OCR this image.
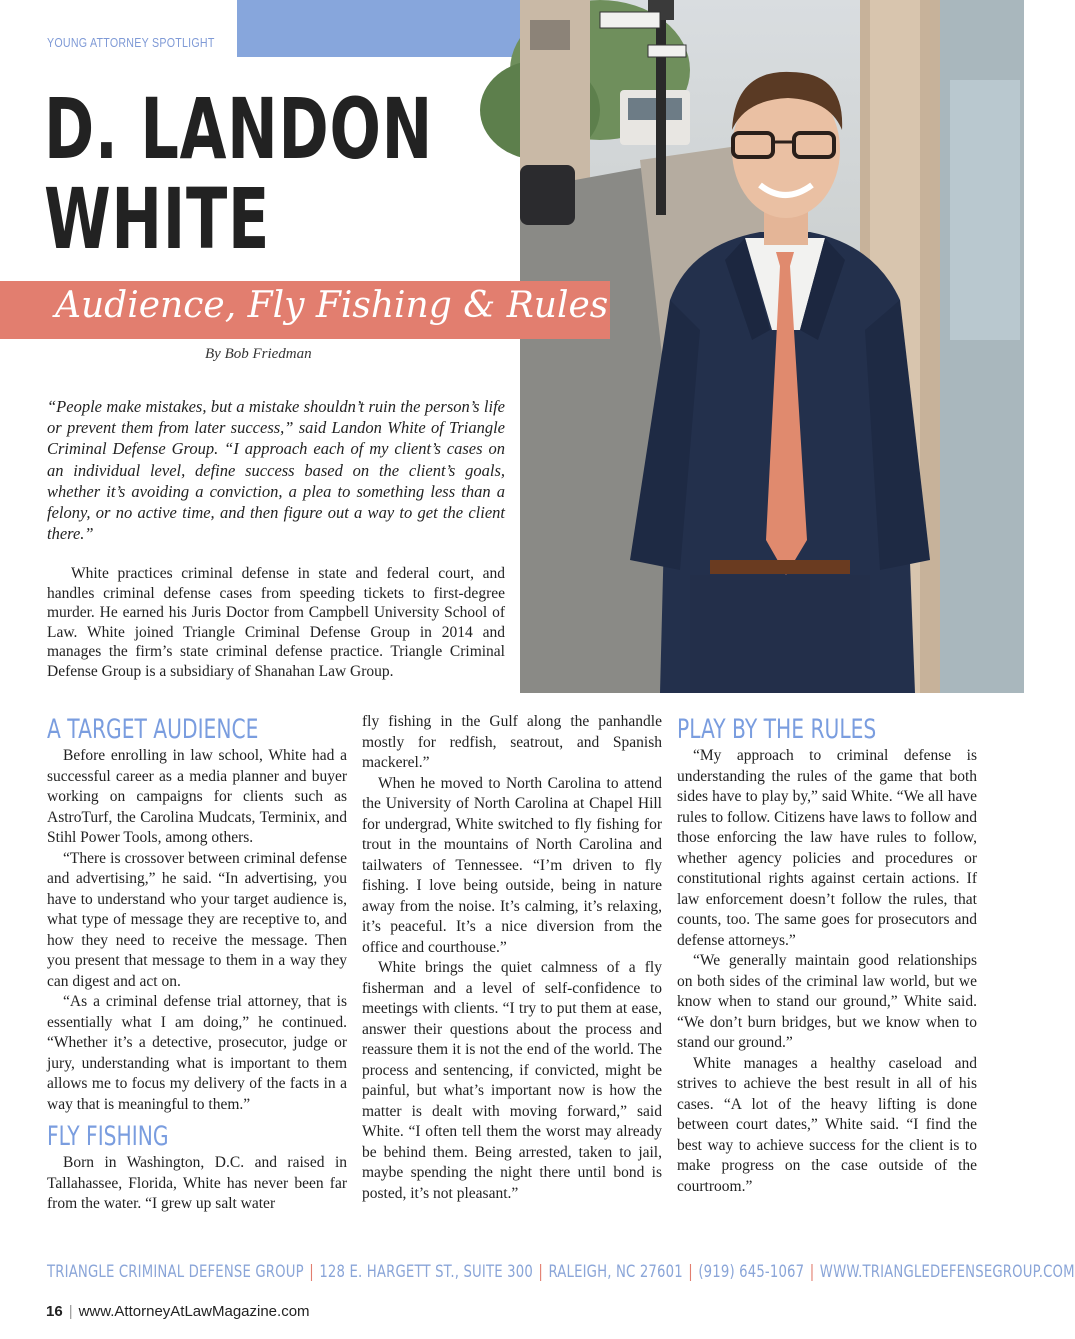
YOUNG ATTORNEY SPOTLIGHT
D. LANDON
WHITE
Audience, Fly Fishing & Rules
By Bob Friedman

“People make mistakes, but a mistake shouldn’t ruin the person’s life or prevent them from later success,” said Landon White of Triangle Criminal Defense Group. “I approach each of my client’s cases on an individual level, define success based on the client’s goals, whether it’s avoiding a conviction, a plea to something less than a felony, or no active time, and then figure out a way to get the client there.”

White practices criminal defense in state and federal court, and handles criminal defense cases from speeding tickets to first-degree murder. He earned his Juris Doctor from Campbell University School of Law. White joined Triangle Criminal Defense Group in 2014 and manages the firm’s state criminal defense practice. Triangle Criminal Defense Group is a subsidiary of Shanahan Law Group.

A TARGET AUDIENCE

Before enrolling in law school, White had a successful career as a media planner and buyer working on campaigns for clients such as AstroTurf, the Carolina Mudcats, Terminix, and Stihl Power Tools, among others.

“There is crossover between criminal defense and advertising,” he said. “In advertising, you have to understand who your target audience is, what type of message they are receptive to, and how they need to receive the message. Then you present that message to them in a way they can digest and act on.

“As a criminal defense trial attorney, that is essentially what I am doing,” he continued. “Whether it’s a detective, prosecutor, judge or jury, understanding what is important to them allows me to focus my delivery of the facts in a way that is meaningful to them.”

FLY FISHING

Born in Washington, D.C. and raised in Tallahassee, Florida, White has never been far from the water. “I grew up salt water

fly fishing in the Gulf along the panhandle mostly for redfish, seatrout, and Spanish mackerel.”

When he moved to North Carolina to attend the University of North Carolina at Chapel Hill for undergrad, White switched to fly fishing for trout in the mountains of North Carolina and tailwaters of Tennessee. “I’m driven to fly fishing. I love being outside, being in nature away from the noise. It’s calming, it’s relaxing, it’s peaceful. It’s a nice diversion from the office and courthouse.”

White brings the quiet calmness of a fly fisherman and a level of self-confidence to meetings with clients. “I try to put them at ease, answer their questions about the process and reassure them it is not the end of the world. The process and sentencing, if convicted, might be painful, but what’s important now is how the matter is dealt with moving forward,” said White. “I often tell them the worst may already be behind them. Being arrested, taken to jail, maybe spending the night there until bond is posted, it’s not pleasant.”

PLAY BY THE RULES

“My approach to criminal defense is understanding the rules of the game that both sides have to play by,” said White. “We all have rules to follow. Citizens have laws to follow and those enforcing the law have rules to follow, whether agency policies and procedures or constitutional rights against certain actions. If law enforcement doesn’t follow the rules, that counts, too. The same goes for prosecutors and defense attorneys.”

“We generally maintain good relationships on both sides of the criminal law world, but we know when to stand our ground,” White said. “We don’t burn bridges, but we know when to stand our ground.”

White manages a healthy caseload and strives to achieve the best result in all of his cases. “A lot of the heavy lifting is done between court dates,” White said. “I find the best way to achieve success for the client is to make progress on the case outside of the courtroom.”

TRIANGLE CRIMINAL DEFENSE GROUP | 128 E. HARGETT ST., SUITE 300 | RALEIGH, NC 27601 | (919) 645-1067 | WWW.TRIANGLEDEFENSEGROUP.COM
16 | www.AttorneyAtLawMagazine.com
